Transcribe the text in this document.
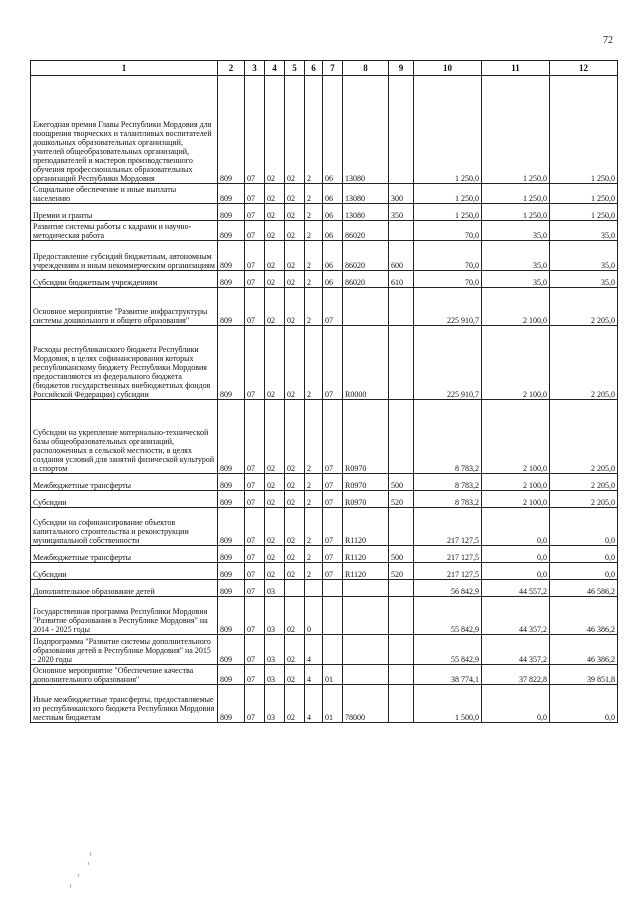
72
1	2	3	4	5	6	7	8	9	10	11	12
Ежегодная премия Главы Республики Мордовия для поощрения творческих и талантливых воспитателей дошкольных образовательных организаций, учителей общеобразовательных организаций, преподавателей и мастеров производственного обучения профессиональных образовательных организаций Республики Мордовия	809	07	02	02	2	06	13080		1 250,0	1 250,0	1 250,0
Социальное обеспечение и иные выплаты населению	809	07	02	02	2	06	13080	300	1 250,0	1 250,0	1 250,0
Премии и гранты	809	07	02	02	2	06	13080	350	1 250,0	1 250,0	1 250,0
Развитие системы работы с кадрами и научно-методическая работа	809	07	02	02	2	06	86020		70,0	35,0	35,0
Предоставление субсидий бюджетным, автономным учреждениям и иным некоммерческим организациям	809	07	02	02	2	06	86020	600	70,0	35,0	35,0
Субсидии бюджетным учреждениям	809	07	02	02	2	06	86020	610	70,0	35,0	35,0
Основное мероприятие "Развитие инфраструктуры системы дошкольного и общего образования"	809	07	02	02	2	07			225 910,7	2 100,0	2 205,0
Расходы республиканского бюджета Республики Мордовия, в целях софинансирования которых республиканскому бюджету Республики Мордовия предоставляются из федерального бюджета (бюджетов государственных внебюджетных фондов Российской Федерации) субсидии	809	07	02	02	2	07	R0000		225 910,7	2 100,0	2 205,0
Субсидии на укрепление материально-технической базы общеобразовательных организаций, расположенных в сельской местности, в целях создания условий для занятий физической культурой и спортом	809	07	02	02	2	07	R0970		8 783,2	2 100,0	2 205,0
Межбюджетные трансферты	809	07	02	02	2	07	R0970	500	8 783,2	2 100,0	2 205,0
Субсидии	809	07	02	02	2	07	R0970	520	8 783,2	2 100,0	2 205,0
Субсидии на софинансирование объектов капитального строительства и реконструкции муниципальной собственности	809	07	02	02	2	07	R1120		217 127,5	0,0	0,0
Межбюджетные трансферты	809	07	02	02	2	07	R1120	500	217 127,5	0,0	0,0
Субсидии	809	07	02	02	2	07	R1120	520	217 127,5	0,0	0,0
Дополнительное образование детей	809	07	03						56 842,9	44 557,2	46 586,2
Государственная программа Республики Мордовия "Развитие образования в Республике Мордовия" на 2014 - 2025 годы	809	07	03	02	0				55 842,9	44 357,2	46 386,2
Подпрограмма "Развитие системы дополнительного образования детей в Республике Мордовия" на 2015 - 2020 годы	809	07	03	02	4				55 842,9	44 357,2	46 386,2
Основное мероприятие "Обеспечение качества дополнительного образования"	809	07	03	02	4	01			38 774,1	37 822,8	39 851,8
Иные межбюджетные трансферты, предоставляемые из республиканского бюджета Республики Мордовия местным бюджетам	809	07	03	02	4	01	78000		1 500,0	0,0	0,0
